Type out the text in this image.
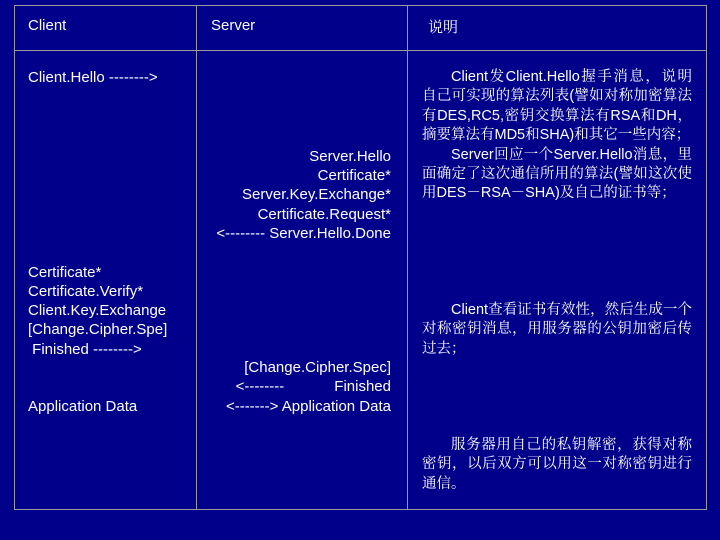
Client	Server	说明
Client.Hello -------->
Certificate*
Certificate.Verify*
Client.Key.Exchange
[Change.Cipher.Spe]
Finished -------->
Application Data
Server.Hello
Certificate*
Server.Key.Exchange*
Certificate.Request*
<-------- Server.Hello.Done
[Change.Cipher.Spec]
<--------            Finished
<-------> Application Data

Client发Client.Hello握手消息，说明自己可实现的算法列表(譬如对称加密算法有DES,RC5,密钥交换算法有RSA和DH，摘要算法有MD5和SHA)和其它一些内容；

Server回应一个Server.Hello消息，里面确定了这次通信所用的算法(譬如这次使用DES－RSA－SHA)及自己的证书等；

Client查看证书有效性，然后生成一个对称密钥消息，用服务器的公钥加密后传过去；

服务器用自己的私钥解密，获得对称密钥，以后双方可以用这一对称密钥进行通信。
